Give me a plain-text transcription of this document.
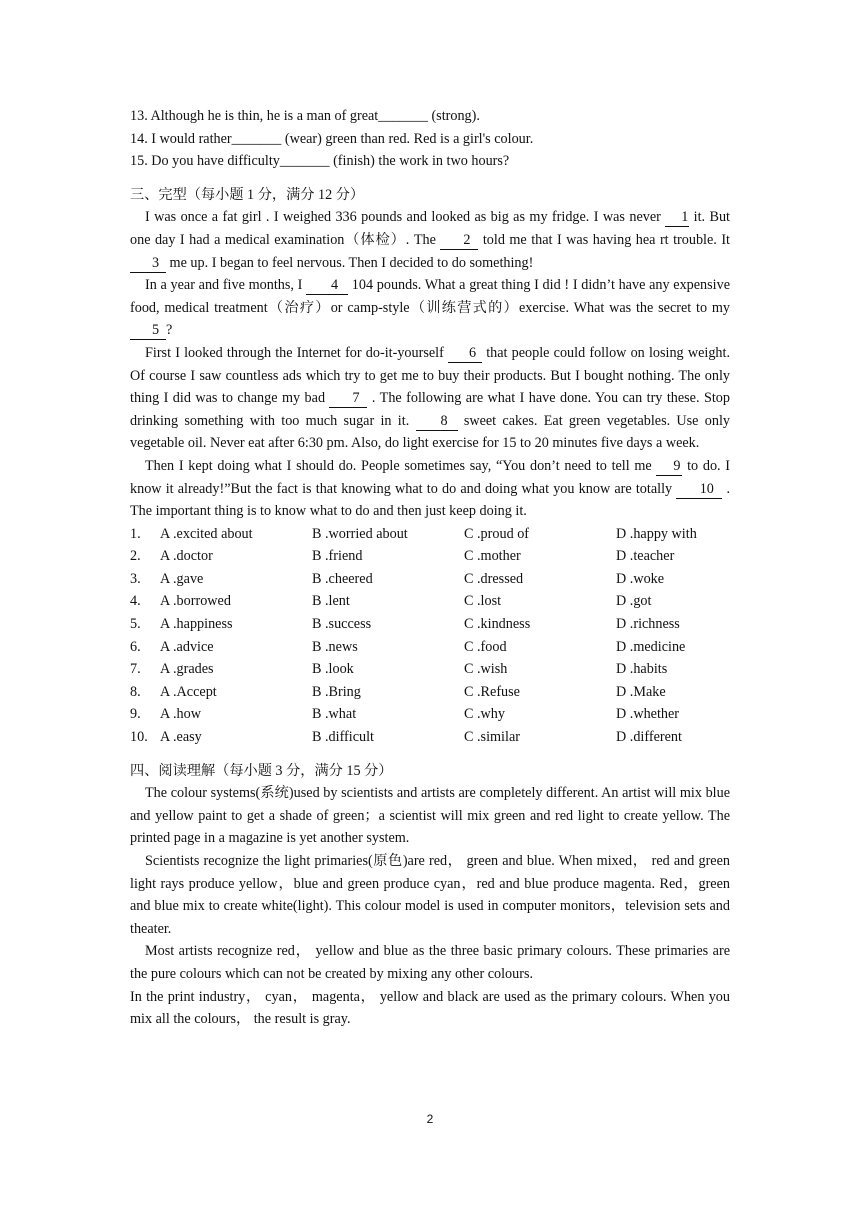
13. Although he is thin, he is a man of great_______ (strong).
14. I would rather_______ (wear) green than red. Red is a girl's colour.
15. Do you have difficulty_______ (finish) the work in two hours?
三、完型（每小题 1 分，满分 12 分）
I was once a fat girl . I weighed 336 pounds and looked as big as my fridge. I was never 1 it. But one day I had a medical examination（体检）. The 2 told me that I was having hea rt trouble. It 3 me up. I began to feel nervous. Then I decided to do something!
In a year and five months, I 4 104 pounds. What a great thing I did ! I didn’t have any expensive food, medical treatment（治疗）or camp-style（训练营式的）exercise. What was the secret to my 5 ?
First I looked through the Internet for do-it-yourself 6 that people could follow on losing weight. Of course I saw countless ads which try to get me to buy their products. But I bought nothing. The only thing I did was to change my bad 7 . The following are what I have done. You can try these. Stop drinking something with too much sugar in it. 8 sweet cakes. Eat green vegetables. Use only vegetable oil. Never eat after 6:30 pm. Also, do light exercise for 15 to 20 minutes five days a week.
Then I kept doing what I should do. People sometimes say, “You don’t need to tell me 9 to do. I know it already!”But the fact is that knowing what to do and doing what you know are totally 10 . The important thing is to know what to do and then just keep doing it.
1.	A .excited about	B .worried about	C .proud of	D .happy with
2.	A .doctor	B .friend	C .mother	D .teacher
3.	A .gave	B .cheered	C .dressed	D .woke
4.	A .borrowed	B .lent	C .lost	D .got
5.	A .happiness	B .success	C .kindness	D .richness
6.	A .advice	B .news	C .food	D .medicine
7.	A .grades	B .look	C .wish	D .habits
8.	A .Accept	B .Bring	C .Refuse	D .Make
9.	A .how	B .what	C .why	D .whether
10. A .easy	B .difficult	C .similar	D .different
四、阅读理解（每小题 3 分，满分 15 分）
The colour systems(系统)used by scientists and artists are completely different. An artist will mix blue and yellow paint to get a shade of green；a scientist will mix green and red light to create yellow. The printed page in a magazine is yet another system.
Scientists recognize the light primaries(原色)are red， green and blue. When mixed， red and green light rays produce yellow，blue and green produce cyan，red and blue produce magenta. Red，green and blue mix to create white(light). This colour model is used in computer monitors，television sets and theater.
Most artists recognize red， yellow and blue as the three basic primary colours. These primaries are the pure colours which can not be created by mixing any other colours.
In the print industry， cyan， magenta， yellow and black are used as the primary colours. When you mix all the colours， the result is gray.
2
